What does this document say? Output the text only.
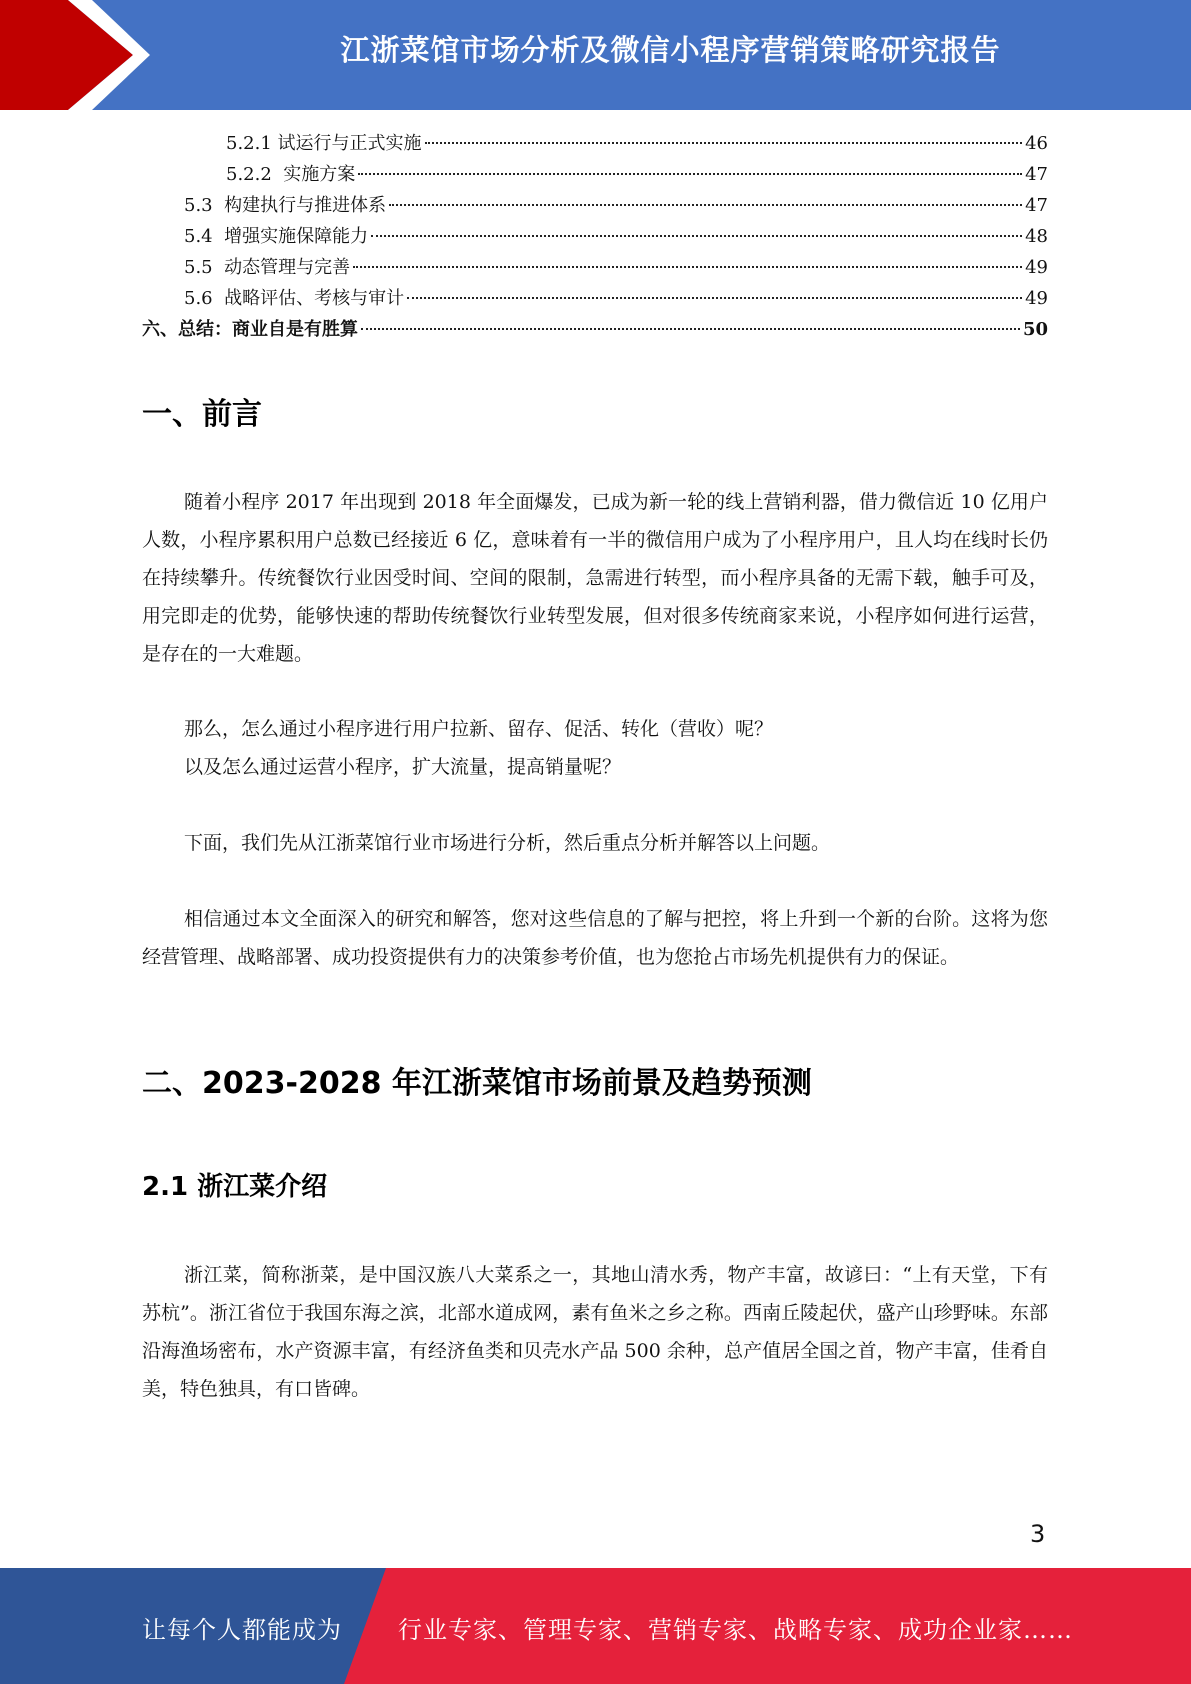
江浙菜馆市场分析及微信小程序营销策略研究报告
5.2.1 试运行与正式实施	46
5.2.2  实施方案	47
5.3  构建执行与推进体系	47
5.4  增强实施保障能力	48
5.5  动态管理与完善	49
5.6  战略评估、考核与审计	49
六、总结：商业自是有胜算	50
一、前言

随着小程序 2017 年出现到 2018 年全面爆发，已成为新一轮的线上营销利器，借力微信近 10 亿用户人数，小程序累积用户总数已经接近 6 亿，意味着有一半的微信用户成为了小程序用户，且人均在线时长仍在持续攀升。传统餐饮行业因受时间、空间的限制，急需进行转型，而小程序具备的无需下载，触手可及，用完即走的优势，能够快速的帮助传统餐饮行业转型发展，但对很多传统商家来说，小程序如何进行运营，是存在的一大难题。

那么，怎么通过小程序进行用户拉新、留存、促活、转化（营收）呢？

以及怎么通过运营小程序，扩大流量，提高销量呢？

下面，我们先从江浙菜馆行业市场进行分析，然后重点分析并解答以上问题。

相信通过本文全面深入的研究和解答，您对这些信息的了解与把控，将上升到一个新的台阶。这将为您经营管理、战略部署、成功投资提供有力的决策参考价值，也为您抢占市场先机提供有力的保证。

二、2023-2028 年江浙菜馆市场前景及趋势预测
2.1 浙江菜介绍

浙江菜，简称浙菜，是中国汉族八大菜系之一，其地山清水秀，物产丰富，故谚曰：“上有天堂，下有苏杭”。浙江省位于我国东海之滨，北部水道成网，素有鱼米之乡之称。西南丘陵起伏，盛产山珍野味。东部沿海渔场密布，水产资源丰富，有经济鱼类和贝壳水产品 500 余种，总产值居全国之首，物产丰富，佳肴自美，特色独具，有口皆碑。

3
让每个人都能成为 行业专家、管理专家、营销专家、战略专家、成功企业家……
